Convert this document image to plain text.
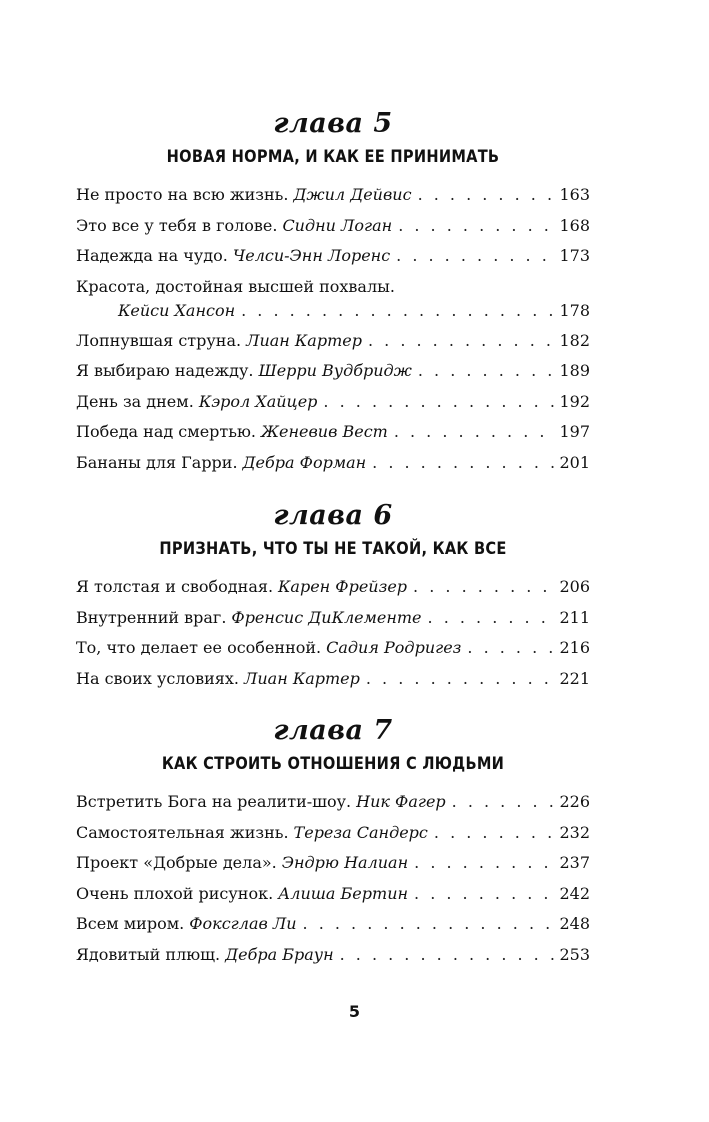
глава 5
НОВАЯ НОРМА, И КАК ЕЕ ПРИНИМАТЬ
Не просто на всю жизнь. Джил Дейвис . . .	163
Это все у тебя в голове. Сидни Логан . . .	168
Надежда на чудо. Челси-Энн Лоренс . . .	173
Красота, достойная высшей похвалы.
Кейси Хансон . . .	178
Лопнувшая струна. Лиан Картер . . .	182
Я выбираю надежду. Шерри Вудбридж . . .	189
День за днем. Кэрол Хайцер . . .	192
Победа над смертью. Женевив Вест . . .	197
Бананы для Гарри. Дебра Форман . . .	201
глава 6
ПРИЗНАТЬ, ЧТО ТЫ НЕ ТАКОЙ, КАК ВСЕ
Я толстая и свободная. Карен Фрейзер . . .	206
Внутренний враг. Френсис ДиКлементе . . .	211
То, что делает ее особенной. Садия Родригез . . .	216
На своих условиях. Лиан Картер . . .	221
глава 7
КАК СТРОИТЬ ОТНОШЕНИЯ С ЛЮДЬМИ
Встретить Бога на реалити-шоу. Ник Фагер . . .	226
Самостоятельная жизнь. Тереза Сандерс . . .	232
Проект «Добрые дела». Эндрю Налиан . . .	237
Очень плохой рисунок. Алиша Бертин . . .	242
Всем миром. Фоксглав Ли . . .	248
Ядовитый плющ. Дебра Браун . . .	253
5
